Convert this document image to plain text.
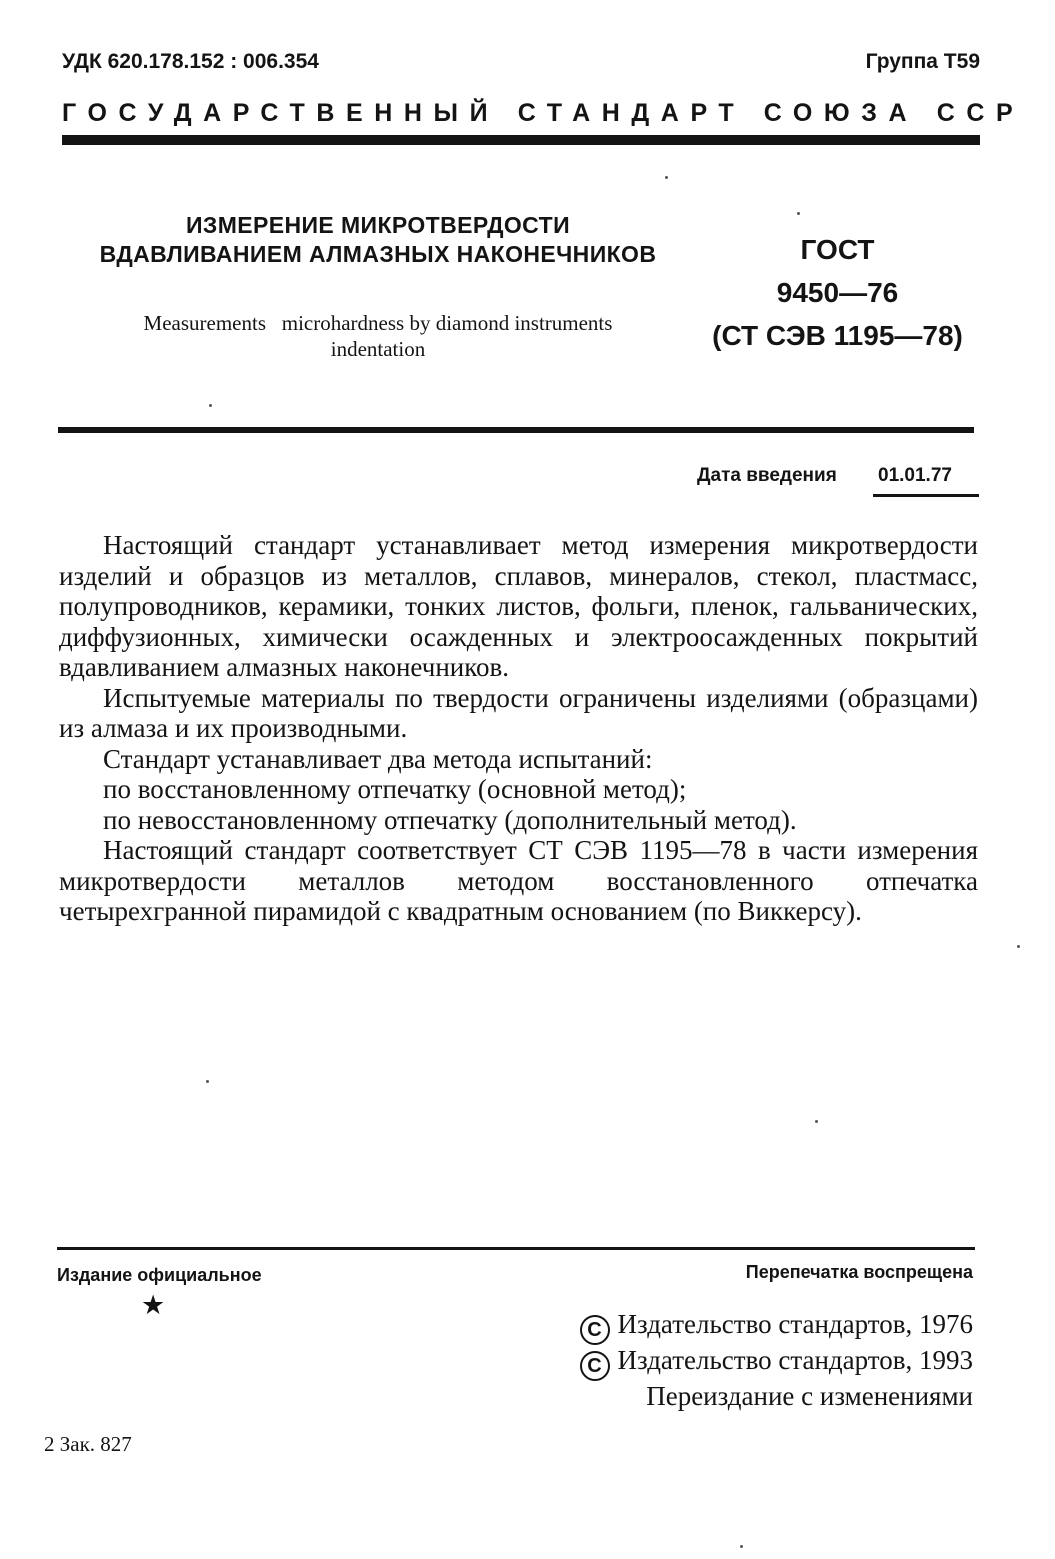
УДК 620.178.152 : 006.354	Группа Т59
ГОСУДАРСТВЕННЫЙ СТАНДАРТ СОЮЗА ССР
ИЗМЕРЕНИЕ МИКРОТВЕРДОСТИ
ВДАВЛИВАНИЕМ АЛМАЗНЫХ НАКОНЕЧНИКОВ
Measurements   microhardness by diamond instruments
indentation
ГОСТ
9450—76
(СТ СЭВ 1195—78)
Дата введения 01.01.77

Настоящий стандарт устанавливает метод измерения микротвердости изделий и образцов из металлов, сплавов, минералов, стекол, пластмасс, полупроводников, керамики, тонких листов, фольги, пленок, гальванических, диффузионных, химически осажденных и электроосажденных покрытий вдавливанием алмазных наконечников.

Испытуемые материалы по твердости ограничены изделиями (образцами) из алмаза и их производными.

Стандарт устанавливает два метода испытаний:

по восстановленному отпечатку (основной метод);

по невосстановленному отпечатку (дополнительный метод).

Настоящий стандарт соответствует СТ СЭВ 1195—78 в части измерения микротвердости металлов методом восстановленного отпечатка четырехгранной пирамидой с квадратным основанием (по Виккерсу).

Издание официальное	Перепечатка воспрещена
★
C Издательство стандартов, 1976
C Издательство стандартов, 1993
Переиздание с изменениями
2 Зак. 827
